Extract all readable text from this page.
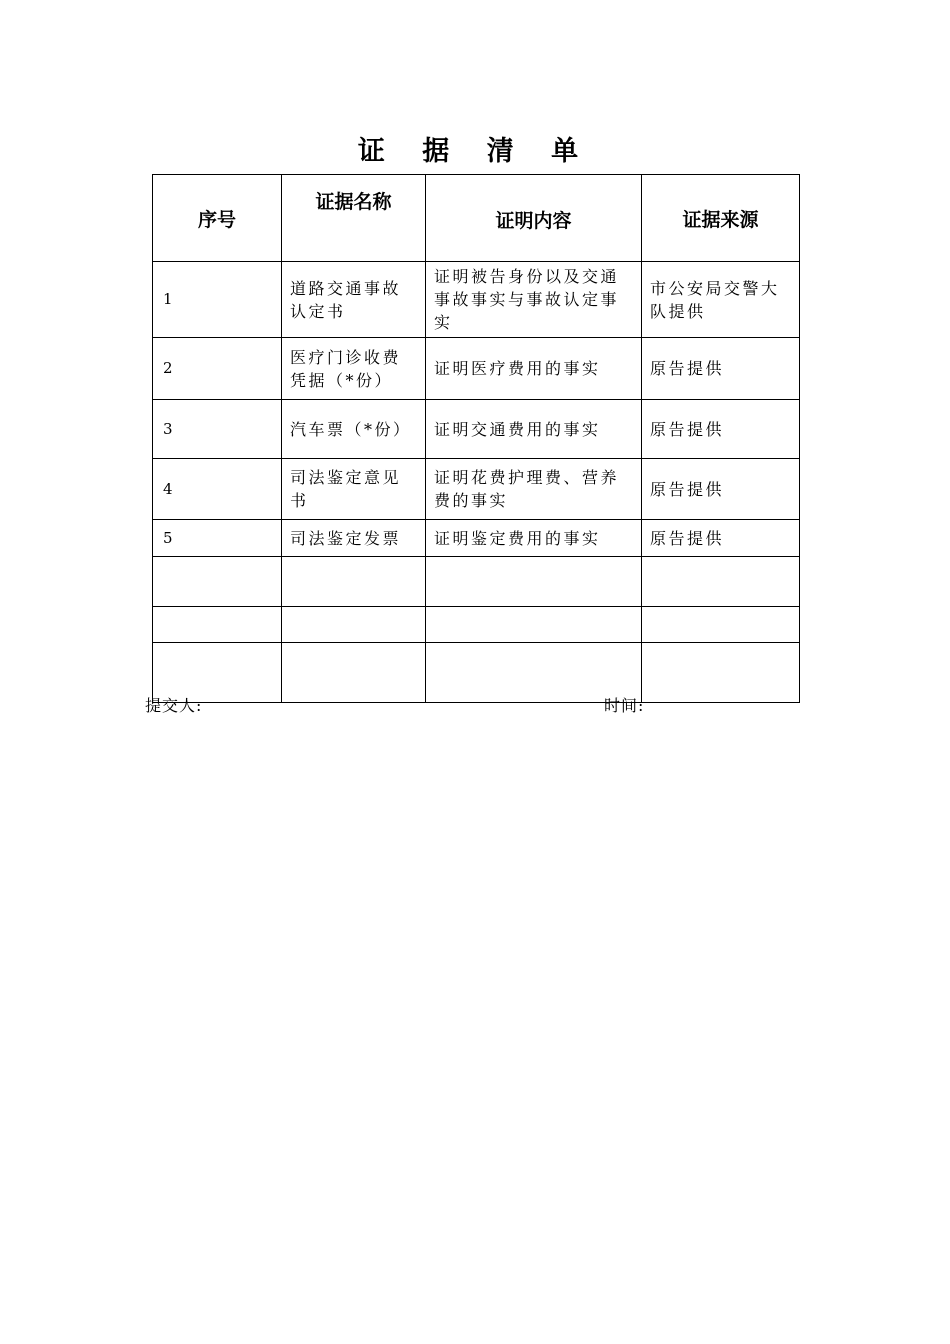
证 据 清 单
序号	证据名称	证明内容	证据来源
1	道路交通事故认定书	证明被告身份以及交通事故事实与事故认定事实	市公安局交警大队提供
2	医疗门诊收费凭据（*份）	证明医疗费用的事实	原告提供
3	汽车票（*份）	证明交通费用的事实	原告提供
4	司法鉴定意见书	证明花费护理费、营养费的事实	原告提供
5	司法鉴定发票	证明鉴定费用的事实	原告提供

提交人:	时间:
